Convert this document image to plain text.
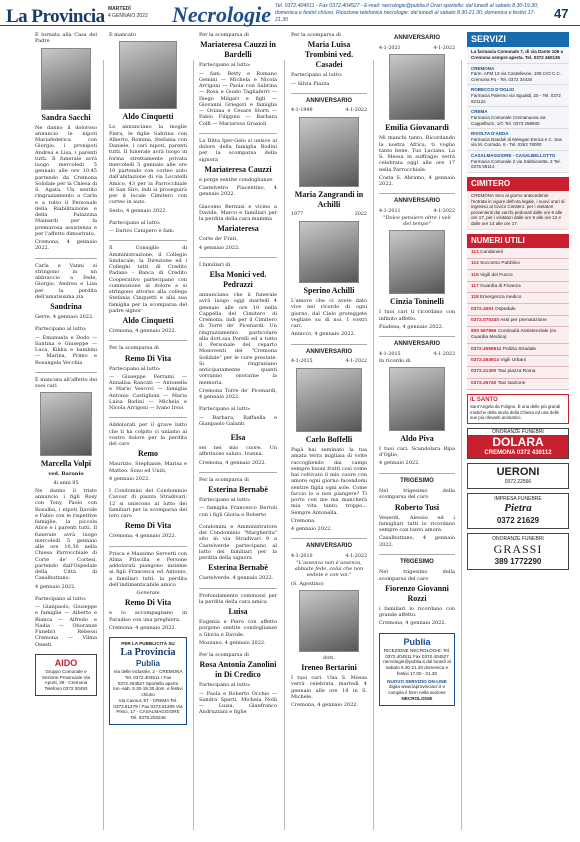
La Provincia MARTEDÌ
4 GENNAIO 2022 Necrologie Tel. 0372.404511 - Fax 0372.404527 - E-mail: necrologie@publia.it Orari sportello: dal lunedì al sabato 8.30-19.30; domenica e festivi chiuso. Ricezione telefonica necrologie: dal lunedì al sabato 8.30-21.30; domenica e festivi 17-21.30	47

È tornata alla Casa del Padre

Sandra Sacchi

Ne danno il doloroso annuncio le nipoti Mariafederica con Giorgio, i pronipoti Andrea e Lisa, i parenti tutti. Il funerale avrà luogo mercoledì 5 gennaio alle ore 10,45 partendo da Cremona Solidale per la Chiesa di S. Agata. Un sentito ringraziamento a Carla e a tutto il Personale della Riabilitazione e della Palazzina Mainardi per la premurosa assistenza e per l'affetto dimostrato.

Cremona, 4 gennaio 2022.

Carla e Vanni si stringono in un abbraccio a Fede, Giorgio, Andrea e Lisa per la perdita dell'amatissima zia

Sandrina

Gerre, 4 gennaio 2022.

Partecipano al lutto:

— Emanuela e Dodo — Santina e Giuseppe — Luca, Kikka e bambini — Marina, Primo e Rosangela Vecchia

È mancata all'affetto dei suoi cari

Marcella Volpi

ved. Baronio

di anni 95

Ne danno il triste annuncio i figli Rosy con Tony, Paolo con Rosalba, i nipoti Davide e Fabio con le rispettive famiglie, la piccola Alice e i parenti tutti. Il funerale avrà luogo mercoledì 5 gennaio alle ore 10,30 nella Chiesa Parrocchiale di Corte de' Cortesi, partendo dall'Ospedale della Città di Casalbuttano.

4 gennaio 2022.

Partecipano al lutto:

— Gianpaolo, Giuseppe e famiglie — Alberto e Bianca — Alfredo e Nadia — Onoranze Funebri Rebessi Cremona — Vilma Onesti

AIDO

Gruppo Comunale e Sezione Provinciale Via Aporti, 28 - Cremona Telefono 0372 30493

È mancato

Aldo Cinquetti

Lo annunciano la moglie Piera, le figlie Sabrina con Alberto, Romina, Stefania con Daniele, i cari nipoti, parenti tutti. Il funerale avrà luogo in forma strettamente privata mercoledì 5 gennaio alle ore 10 partendo con corteo auto dall'abitazione di via Locatelli Amico, 43 per la Parrocchiale di San Siro, indi si proseguirà per il locale Cimitero con corteo in auto.

Sesto, 4 gennaio 2022.

Partecipano al lutto:

— Enrico Canipero e fam.

Il Consiglio di Amministrazione, il Collegio Sindacale, la Direzione ed i Colleghi tutti di Credito Padano - Banca di Credito Cooperativo partecipano con commozione al dolore e si stringono attorno alla collega Stefania Cinquetti e alla sua famiglia per la scomparsa del padre signor

Aldo Cinquetti

Cremona, 4 gennaio 2022.

Per la scomparsa di

Remo Di Vita

Partecipano al lutto:

— Giuseppe Ferrami — Annalisa Rancati — Antonella e Mario Vescovi — famiglia Antonio Castiglioni — Maria Luisa Bodini — Michela e Nicola Arrigoni — Ivano Irsoi

Addolorati per il grave lutto che ti ha colpito ci uniamo al vostro dolore per la perdita del caro

Remo

Maurizio, Stephanie, Marisa e Matteo. Sono ed Uniti,

4 gennaio 2022.

I Condomini del Condominio Cavour di piazza Stradivari, 12 si uniscono al lutto dei familiari per la scomparsa del loro caro

Remo Di Vita

Cremona, 4 gennaio 2022.

Prisca e Massimo Servetti con Alina Priscilla e Persone addolorati piangono insieme ai figli Francesca ed Antonio, a familiari tutti, la perdita dell'indimenticabile amico

Generale

Remo Di Vita

e lo accompagnano in Paradiso con una preghiera.

Cremona, 4 gennaio 2022.

PER LA PUBBLICITÀ SU

La Provincia

Publia

Via delle Industrie, 2 - CREMONA Tel. 0372.404511 / Fax 0372.404527 Sportello aperto lun.-sab. 8.30-19.30 dom. e festivi chiuso

Via Cavour, 57 - CREMA Tel. 0373.81279 / Fax 0373.81309 Via Pesci, 17 - CASALMAGGIORE Tel. 0375.203248

Per la scomparsa di

Mariateresa Cauzzi in Bardelli

Partecipano al lutto:

— fam. Betty e Romano Gemini — Michela e Nicola Arrigoni — Paola con Sabrina — Rosa e Guido Tagliaferri — Diego Milgari e figli — Giovanni Griegori e famiglia — Oriana e Cesare Storti — Fabio Filippini — Barbara Colfi — Mariarosa Grazioli

La Ditta Iper-Gelo si unisce al dolore della famiglia Bodini per la scomparsa della signora

Mariateresa Cauzzi

e porge sentite condoglianze.

Castelvetro Piacentino, 4 gennaio 2022.

Giacomo Bernusi e vicino a Davide, Marco e familiari per la perdita della cara mamma

Mariateresa

Corte de' Frati,

4 gennaio 2022.

I familiari di

Elsa Monici ved. Pedrazzi

annunciano che il funerale avrà luogo oggi martedì 4 gennaio alle ore 10 nella Cappella del Cimitero di Cremona, indi per il Cimitero di Torre de' Picenardi. Un ringraziamento particolare alla dott.ssa Porelli ed a tutto il Personale del reparto Monoventi del "Cremona Solidale" per le cure prestate. Si ringraziano anticipatamente quanti vorranno onorarne la memoria.

Cremona Torre de' Picenardi, 4 gennaio 2022.

Partecipano al lutto:

— Barbara, Raffaella e Gianpaolo Galanti

Elsa

sei nei mio cuore. Un affettuoso saluto. Ivanna.

Cremona, 4 gennaio 2022.

Per la scomparsa di

Esterina Bernabè

Partecipano al lutto:

— famiglia Francesco Bertoli con i figli Gloria e Roberto

Condomini e Amministratore del Condominio "Margherita" sito in via Stradivari 9 a Castelverde partecipano al lutto dei familiari per la perdita della signora

Esterina Bernabè

Castelverde, 4 gennaio 2022.

Profondamente commossi per la perdita della cara amica

Luisa

Eugenia e Piero con affetto porgono sentite condoglianze a Gloria e Davide.

Mozzano, 4 gennaio 2022.

Per la scomparsa di

Rosa Antonia Zanolini in Di Credico

Partecipano al lutto:

— Paola e Roberto Occhio — Sandra Sperti, Michela Nolli — Luisa, Gianfranco Andruzzani e figlie

Per la scomparsa di

Maria Luisa Trombini ved. Casadei

Partecipano al lutto:

— Silvia Piazza

ANNIVERSARIO
4-1-1999	4-1-2022
Maria Zangrandi in Achilli
1977	2022
Sperino Achilli

L'amore che ci avete dato vive nel ricordo di ogni giorno, dal Cielo proteggete vegliate su di noi. I vostri cari.

Annicco, 4 gennaio 2022.

ANNIVERSARIO
4-1-2015	4-1-2022
Carlo Boffelli

Papà hai seminato la tua amata terra migliaia di volte raccogliendo dai campi sempre buoni frutti così come hai coltivato il mio cuore con amore ogni giorno facendomi sentire figlia ogni sole. Come faccio io a non piangere? Ti porto con me ma mancherà mia vita tanto, troppo... Sempre Antonella.

Cremona,

4 gennaio 2022.

ANNIVERSARIO
4-1-2010	4-1-2022

"L'assenza non è assenza, abbiate fede, colui che non vedete è con voi."

(S. Agostino)

dott.

Ireneo Bertarini

I tuoi cari. Una S. Messa verrà celebrata martedì 4 gennaio alle ore 18 in S. Michele.

Cremona, 4 gennaio 2022.

ANNIVERSARIO
4-1-2021	4-1-2022
Emilia Giovanardi

Mi manchi tanto. Ricordando la nostra Africa, ti voglio tanto bene. Tuo Luciano. La S. Messa in suffragio verrà celebrata oggi alle ore 17 nella Parrocchiale.

Costa S. Abramo, 4 gennaio 2022.

ANNIVERSARIO
4-1-2011	4-1-2022

"Dolce pensiero oltre i veli del tempo"

Cinzia Toninelli

I tuoi cari ti ricordano con infinito affetto.

Piadena, 4 gennaio 2022.

ANNIVERSARIO
4-1-2015	4-1-2022

In ricordo di

Aldo Piva

I tuoi cari. Scandolara Ripa d'Oglio,

4 gennaio 2022.

TRIGESIMO

Nel trigesimo della scomparsa del caro

Roberto Tusi

Venerdì, Alessio ed i famigliari tutti lo ricordano sempre con tanto amore.

Casalbuttano, 4 gennaio 2022.

TRIGESIMO

Nel trigesimo della scomparsa del caro

Fiorenzo Giovanni Rozzi

i familiari lo ricordano con grande affetto.

Cremona, 4 gennaio 2022.

Publia

RICEZIONE NECROLOGIE: Tel. 0372.404511 Fax 0372.404527 necrologie@publia.it dal lunedì al sabato 8.30-21.30 domenica e festivi 17.00 - 21.30

NUOVO SERVIZIO ON-LINE

digita www.laprovinciacr.it e compila il form nella sezione

NECROLOGIE

SERVIZI
La farmacia Comunale 7, di via Dante 106 a Cremona sempre aperta. Tel. 0372 460135
CREMONA
Farm. AFM 13 via Castelleone, 108 C/O C.C. Cremona Po - Tel. 0372 34434
ROBECCO D'OGLIO
Farmacia Palermo via Sgualdi, 20 - Tel. 0372 921122
CREMA
Farmacia Comunale Cremanuova via Cappellazzi, 1/C Tel. 0373 258600
RIVOLTA D'ADDA
Farmacia Dandoli di Melegari Enrica e C. Sas via M. Corrado, 6 - Tel. 0363 78000
CASALMAGGIORE - CASALBELLOTTO
Farmacia Comunale 2 via Sabbionetta, 3 Tel. 0375 59114
CIMITERO
CREMONA Sino al giorno antecedente l'entrata in vigore dell'ora legale, i nuovi orari di ingresso al Civico Cimitero: per i visitatori provenienti dai varchi pedonali dalle ore 8 alle ore 17, per i visitatori dalle ore 8 alle ore 12 e dalle ore 14 alle ore 17.
NUMERI UTILI
112 Carabinieri
113 Soccorso Pubblico
115 Vigili del Fuoco
117 Guardia di Finanza
118 Emergenza medico
0372.4051 Ospedale
0372.070340 Asst per prenotazione
800 567866 Continuità Assistenziale (ex Guardia Medica)
0372.4555511 Polizia Stradale
0372.454914 Vigili Urbani
0372.21300 Taxi piazza Roma
0372.26740 Taxi stazione

IL SANTO

Sant'Angela da Foligno. È una delle più grandi mistiche della storia della Chiesa ed una delle sue più rilevanti animatrici.

ONORANZE FUNEBRI

DOLARA

CREMONA 0372 430112

UERONI

0372.22566

IMPRESA FUNEBRE

Pietra

0372 21629

ONORANZE FUNEBRI

GRASSI

389 1772290
